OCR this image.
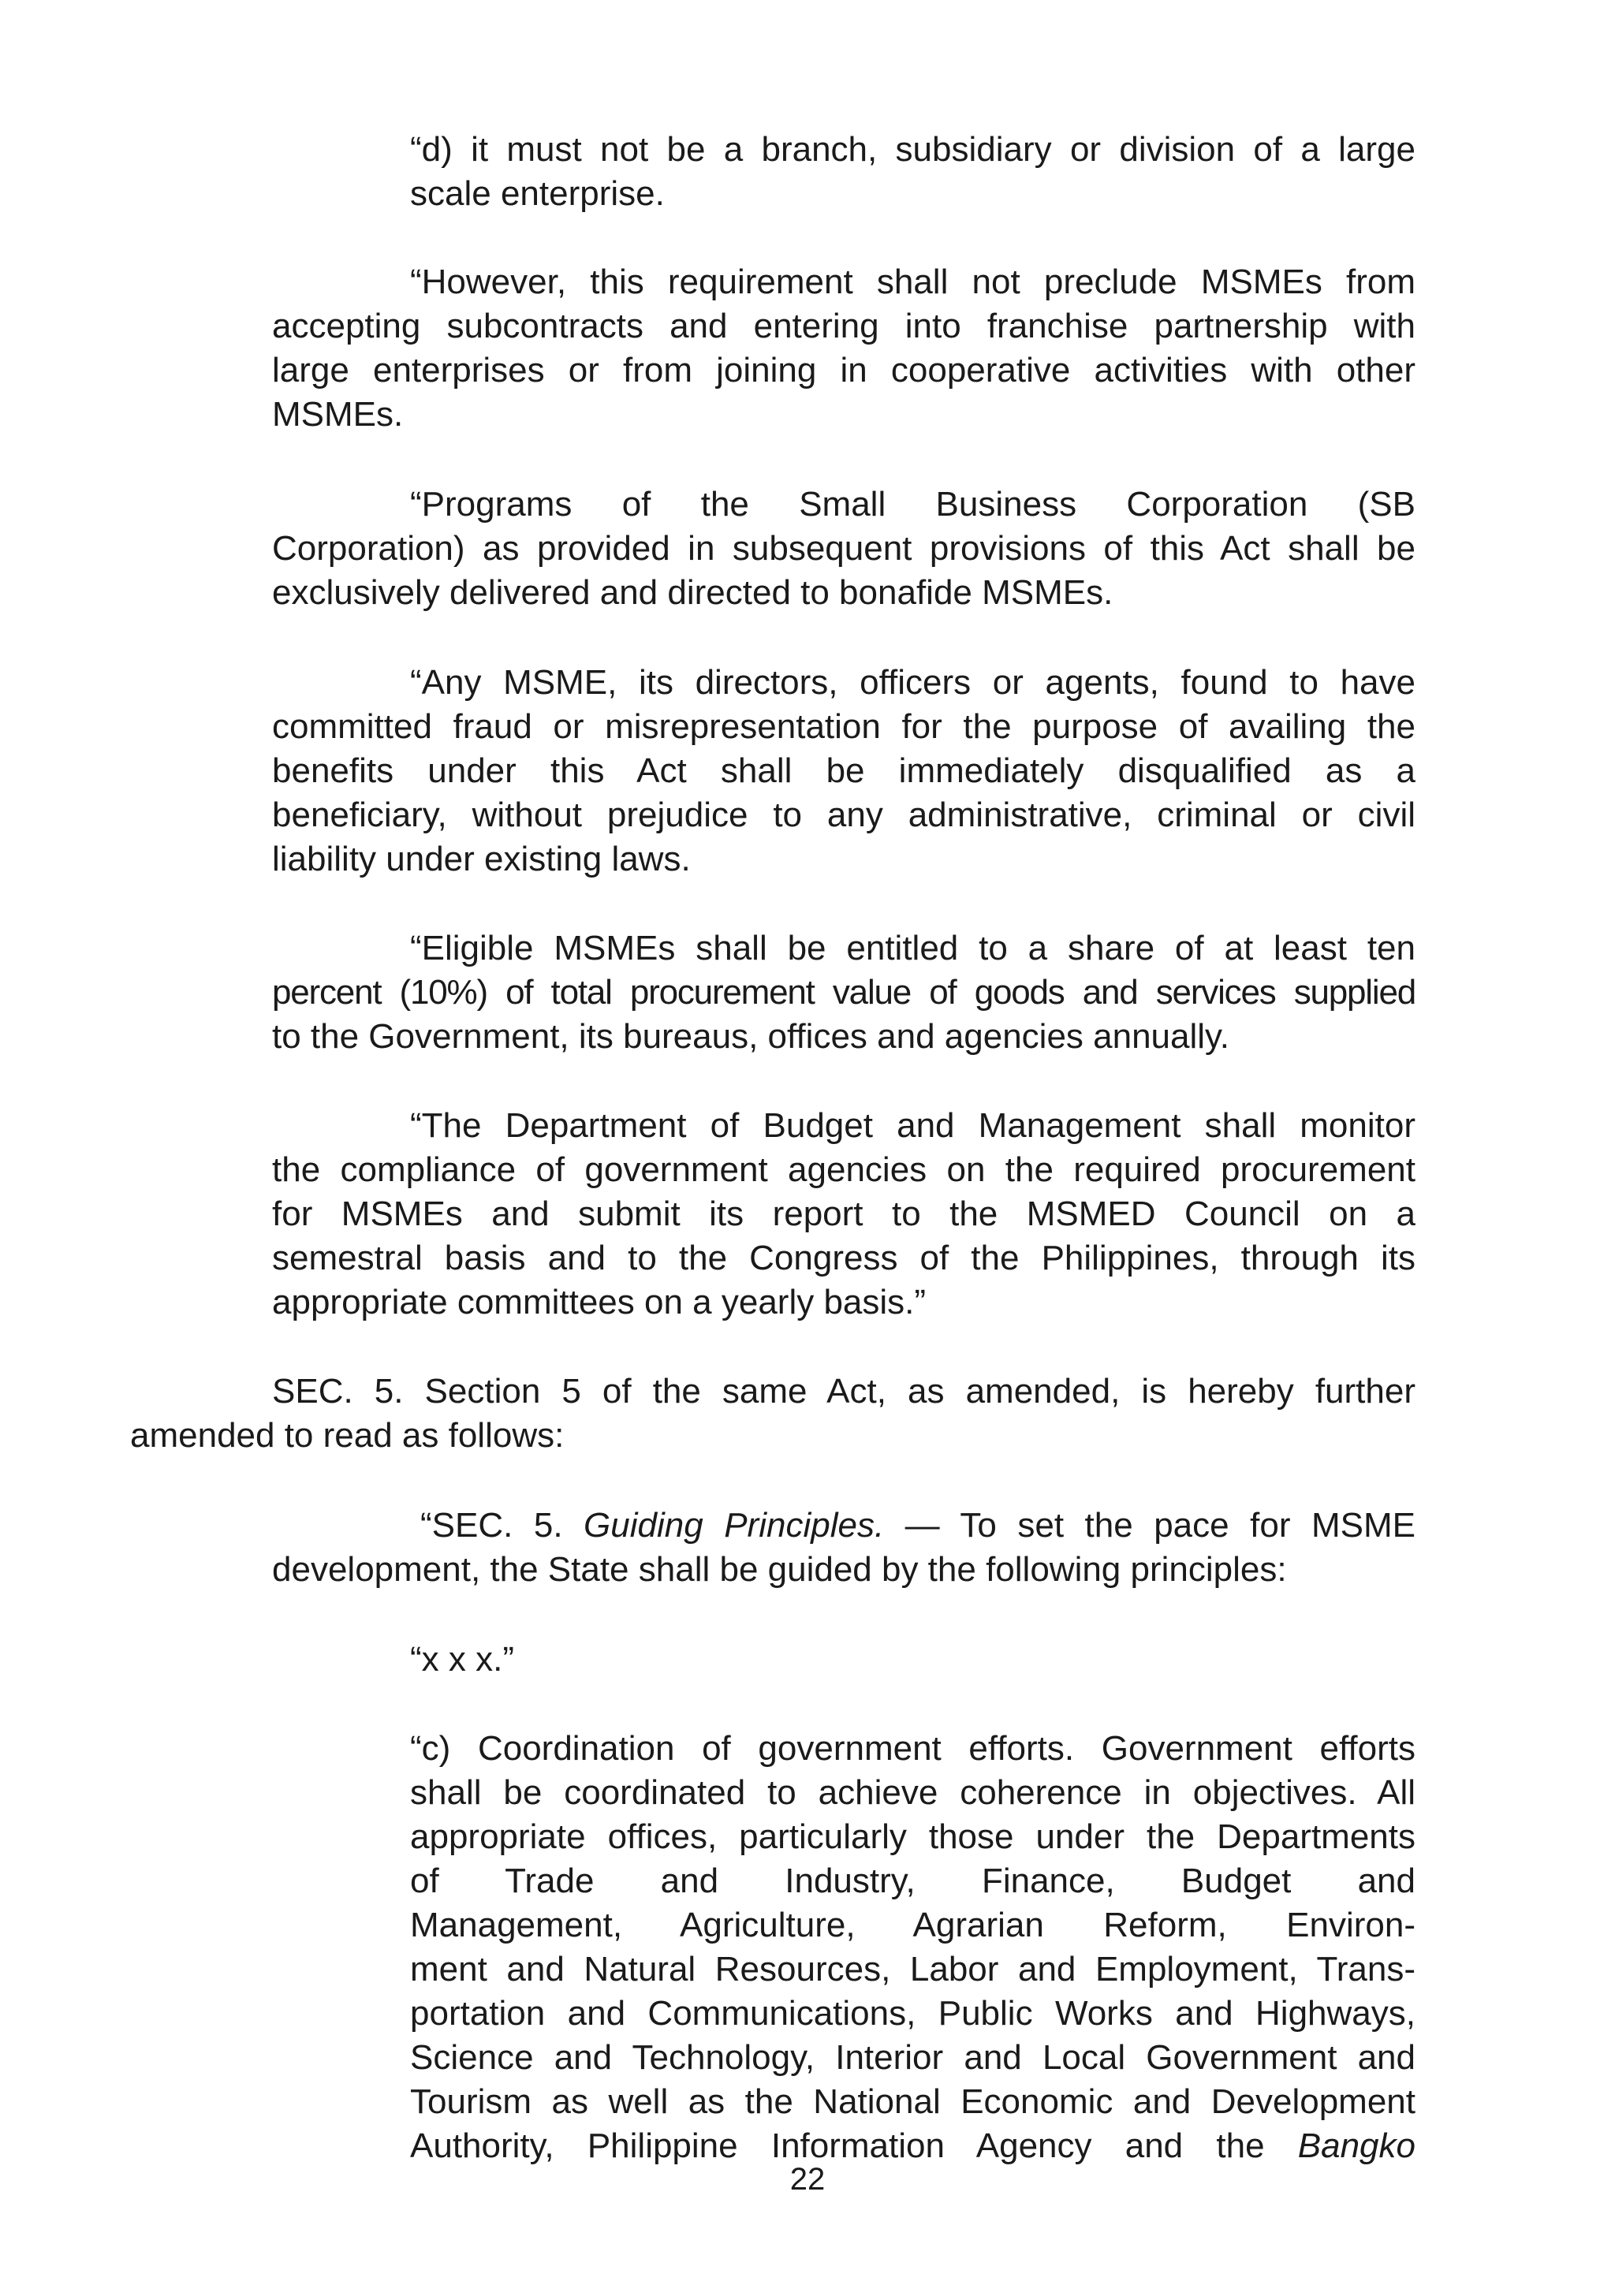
“d) it must not be a branch, subsidiary or division of a large
scale enterprise.
“However, this requirement shall not preclude MSMEs from
accepting subcontracts and entering into franchise partnership with
large enterprises or from joining in cooperative activities with other
MSMEs.
“Programs of the Small Business Corporation (SB
Corporation) as provided in subsequent provisions of this Act shall be
exclusively delivered and directed to bonafide MSMEs.
“Any MSME, its directors, officers or agents, found to have
committed fraud or misrepresentation for the purpose of availing the
benefits under this Act shall be immediately disqualified as a
beneficiary, without prejudice to any administrative, criminal or civil
liability under existing laws.
“Eligible MSMEs shall be entitled to a share of at least ten
percent (10%) of total procurement value of goods and services supplied
to the Government, its bureaus, offices and agencies annually.
“The Department of Budget and Management shall monitor
the compliance of government agencies on the required procurement
for MSMEs and submit its report to the MSMED Council on a
semestral basis and to the Congress of the Philippines, through its
appropriate committees on a yearly basis.”
SEC. 5. Section 5 of the same Act, as amended, is hereby further
amended to read as follows:
“SEC. 5. Guiding Principles. — To set the pace for MSME
development, the State shall be guided by the following principles:
“x x x.”
“c) Coordination of government efforts. Government efforts
shall be coordinated to achieve coherence in objectives. All
appropriate offices, particularly those under the Departments
of Trade and Industry, Finance, Budget and
Management, Agriculture, Agrarian Reform, Environ-
ment and Natural Resources, Labor and Employment, Trans-
portation and Communications, Public Works and Highways,
Science and Technology, Interior and Local Government and
Tourism as well as the National Economic and Development
Authority, Philippine Information Agency and the Bangko
22
